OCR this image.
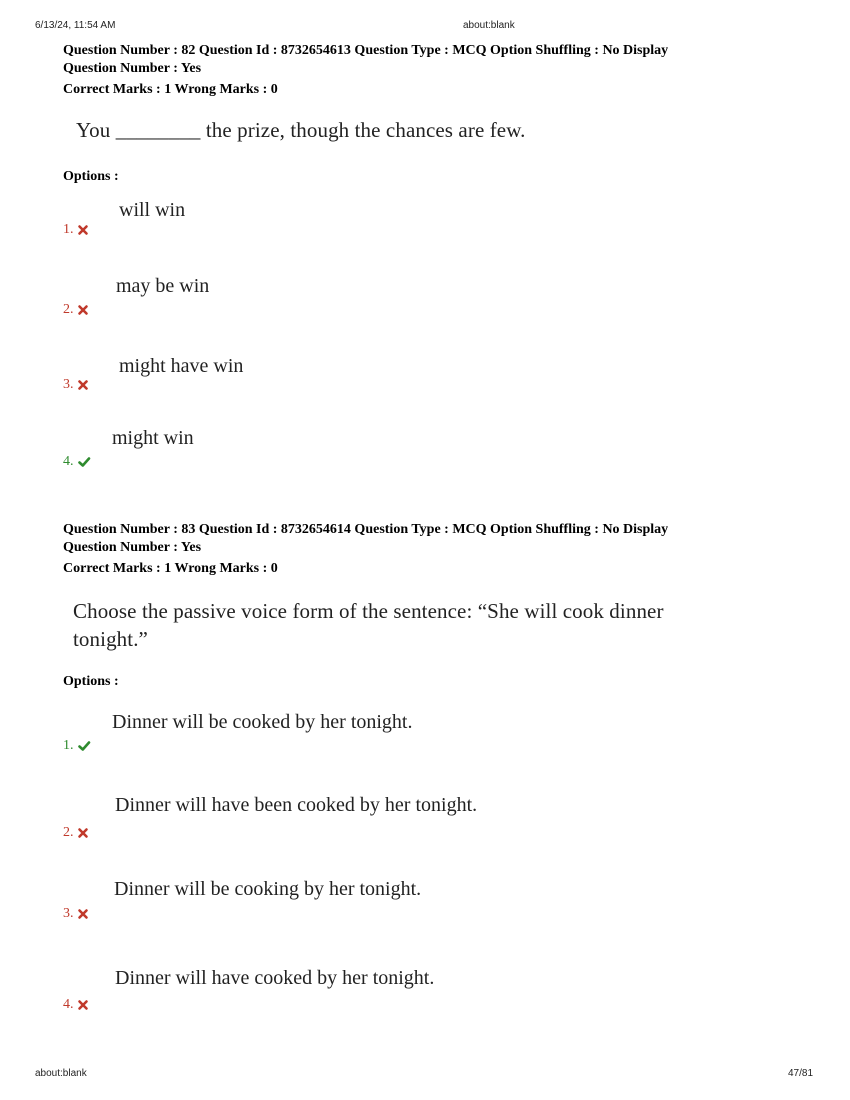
6/13/24, 11:54 AM	about:blank
Question Number : 82 Question Id : 8732654613 Question Type : MCQ Option Shuffling : No Display
Question Number : Yes
Correct Marks : 1 Wrong Marks : 0
You ________ the prize, though the chances are few.
Options :
will win
1.
may be win
2.
might have win
3.
might win
4.
Question Number : 83 Question Id : 8732654614 Question Type : MCQ Option Shuffling : No Display
Question Number : Yes
Correct Marks : 1 Wrong Marks : 0
Choose the passive voice form of the sentence: “She will cook dinner
tonight.”
Options :
Dinner will be cooked by her tonight.
1.
Dinner will have been cooked by her tonight.
2.
Dinner will be cooking by her tonight.
3.
Dinner will have cooked by her tonight.
4.
about:blank	47/81
